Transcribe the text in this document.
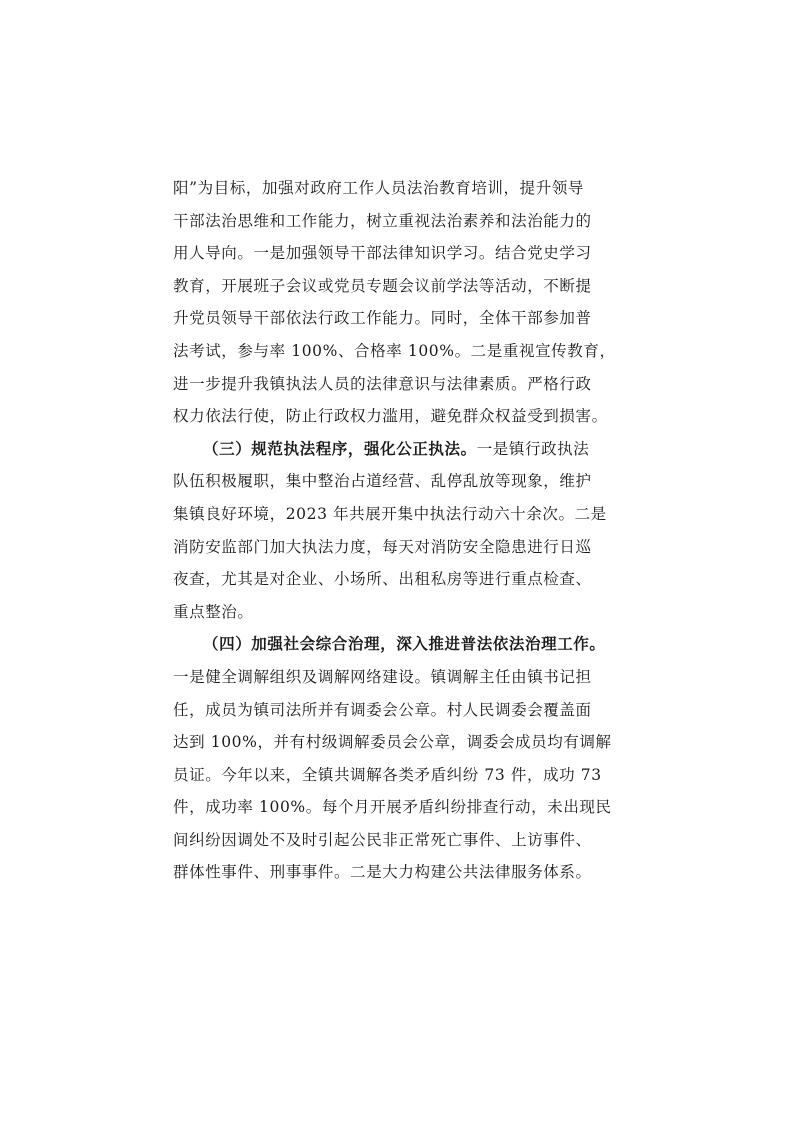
阳”为目标，加强对政府工作人员法治教育培训，提升领导
干部法治思维和工作能力，树立重视法治素养和法治能力的
用人导向。一是加强领导干部法律知识学习。结合党史学习
教育，开展班子会议或党员专题会议前学法等活动，不断提
升党员领导干部依法行政工作能力。同时，全体干部参加普
法考试，参与率 100%、合格率 100%。二是重视宣传教育，
进一步提升我镇执法人员的法律意识与法律素质。严格行政
权力依法行使，防止行政权力滥用，避免群众权益受到损害。
（三）规范执法程序，强化公正执法。一是镇行政执法
队伍积极履职，集中整治占道经营、乱停乱放等现象，维护
集镇良好环境，2023 年共展开集中执法行动六十余次。二是
消防安监部门加大执法力度，每天对消防安全隐患进行日巡
夜查，尤其是对企业、小场所、出租私房等进行重点检查、
重点整治。
（四）加强社会综合治理，深入推进普法依法治理工作。
一是健全调解组织及调解网络建设。镇调解主任由镇书记担
任，成员为镇司法所并有调委会公章。村人民调委会覆盖面
达到 100%，并有村级调解委员会公章，调委会成员均有调解
员证。今年以来，全镇共调解各类矛盾纠纷 73 件，成功 73
件，成功率 100%。每个月开展矛盾纠纷排查行动，未出现民
间纠纷因调处不及时引起公民非正常死亡事件、上访事件、
群体性事件、刑事事件。二是大力构建公共法律服务体系。
